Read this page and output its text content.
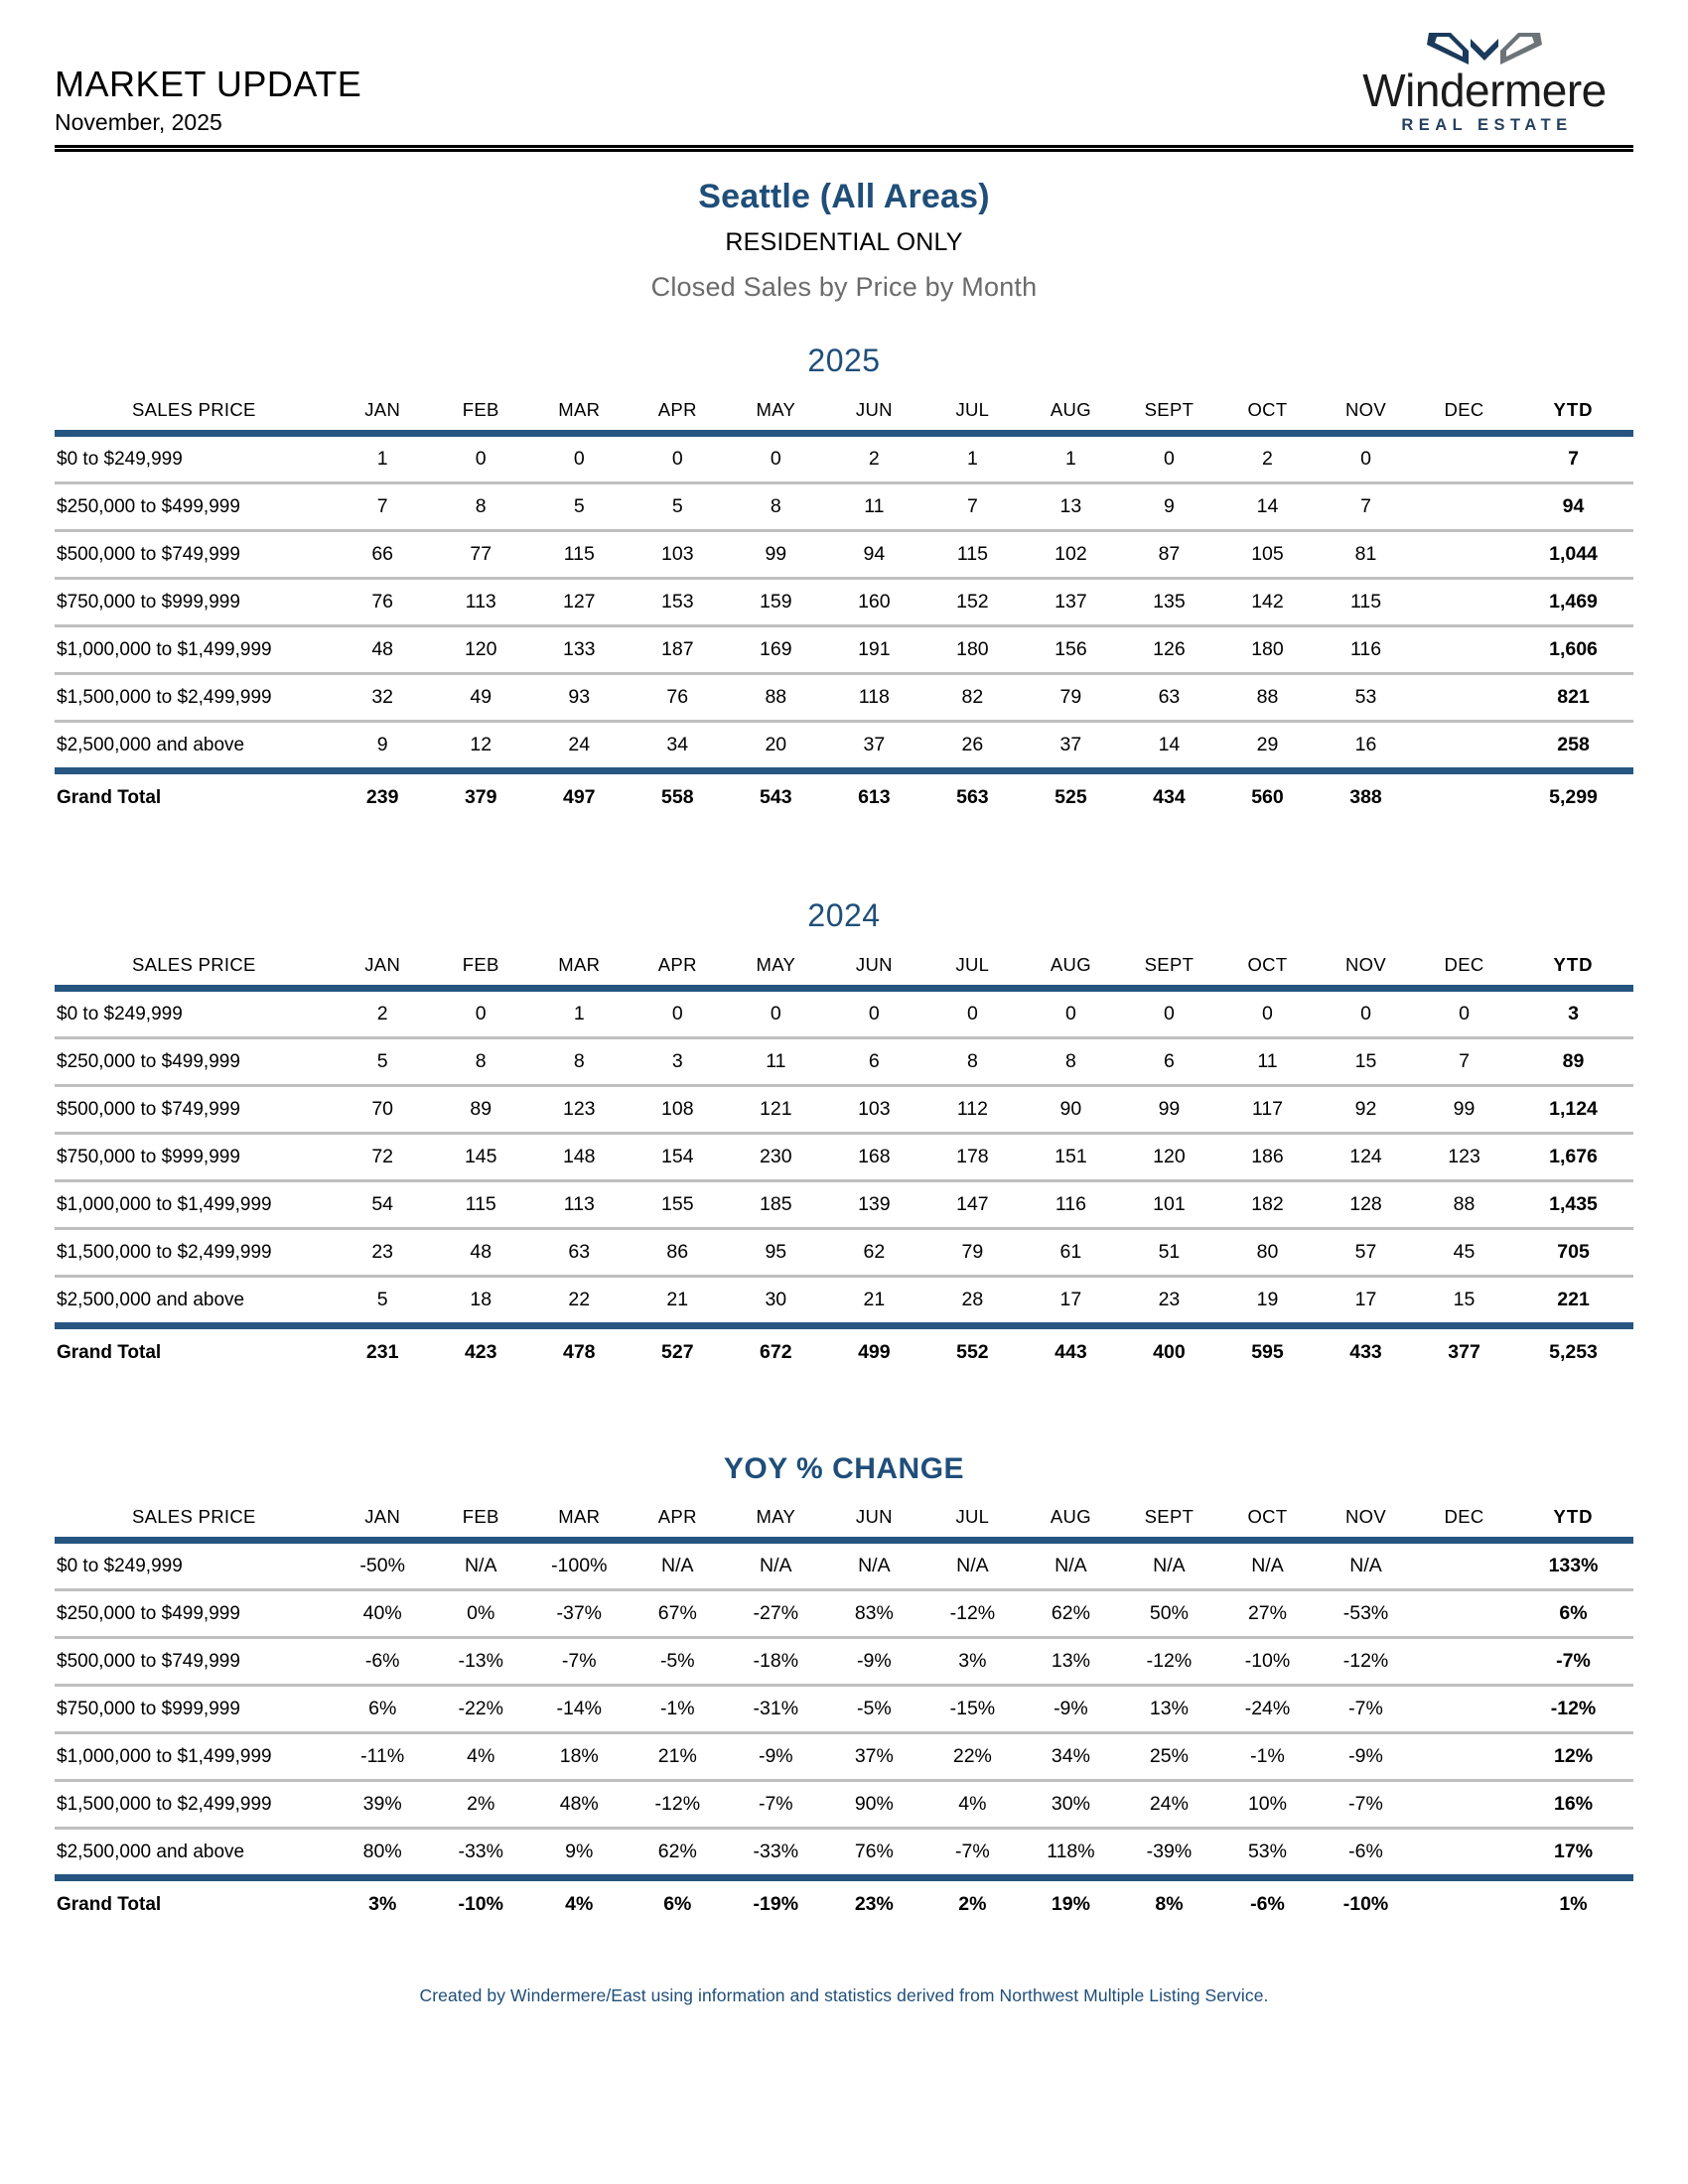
MARKET UPDATE
November, 2025
Windermere
REAL ESTATE
Seattle (All Areas)
RESIDENTIAL ONLY
Closed Sales by Price by Month
2025
SALES PRICE	JAN	FEB	MAR	APR	MAY	JUN	JUL	AUG	SEPT	OCT	NOV	DEC	YTD
$0 to $249,999	1	0	0	0	0	2	1	1	0	2	0		7
$250,000 to $499,999	7	8	5	5	8	11	7	13	9	14	7		94
$500,000 to $749,999	66	77	115	103	99	94	115	102	87	105	81		1,044
$750,000 to $999,999	76	113	127	153	159	160	152	137	135	142	115		1,469
$1,000,000 to $1,499,999	48	120	133	187	169	191	180	156	126	180	116		1,606
$1,500,000 to $2,499,999	32	49	93	76	88	118	82	79	63	88	53		821
$2,500,000 and above	9	12	24	34	20	37	26	37	14	29	16		258
Grand Total	239	379	497	558	543	613	563	525	434	560	388		5,299
2024
SALES PRICE	JAN	FEB	MAR	APR	MAY	JUN	JUL	AUG	SEPT	OCT	NOV	DEC	YTD
$0 to $249,999	2	0	1	0	0	0	0	0	0	0	0	0	3
$250,000 to $499,999	5	8	8	3	11	6	8	8	6	11	15	7	89
$500,000 to $749,999	70	89	123	108	121	103	112	90	99	117	92	99	1,124
$750,000 to $999,999	72	145	148	154	230	168	178	151	120	186	124	123	1,676
$1,000,000 to $1,499,999	54	115	113	155	185	139	147	116	101	182	128	88	1,435
$1,500,000 to $2,499,999	23	48	63	86	95	62	79	61	51	80	57	45	705
$2,500,000 and above	5	18	22	21	30	21	28	17	23	19	17	15	221
Grand Total	231	423	478	527	672	499	552	443	400	595	433	377	5,253
YOY % CHANGE
SALES PRICE	JAN	FEB	MAR	APR	MAY	JUN	JUL	AUG	SEPT	OCT	NOV	DEC	YTD
$0 to $249,999	-50%	N/A	-100%	N/A	N/A	N/A	N/A	N/A	N/A	N/A	N/A		133%
$250,000 to $499,999	40%	0%	-37%	67%	-27%	83%	-12%	62%	50%	27%	-53%		6%
$500,000 to $749,999	-6%	-13%	-7%	-5%	-18%	-9%	3%	13%	-12%	-10%	-12%		-7%
$750,000 to $999,999	6%	-22%	-14%	-1%	-31%	-5%	-15%	-9%	13%	-24%	-7%		-12%
$1,000,000 to $1,499,999	-11%	4%	18%	21%	-9%	37%	22%	34%	25%	-1%	-9%		12%
$1,500,000 to $2,499,999	39%	2%	48%	-12%	-7%	90%	4%	30%	24%	10%	-7%		16%
$2,500,000 and above	80%	-33%	9%	62%	-33%	76%	-7%	118%	-39%	53%	-6%		17%
Grand Total	3%	-10%	4%	6%	-19%	23%	2%	19%	8%	-6%	-10%		1%
Created by Windermere/East using information and statistics derived from Northwest Multiple Listing Service.
